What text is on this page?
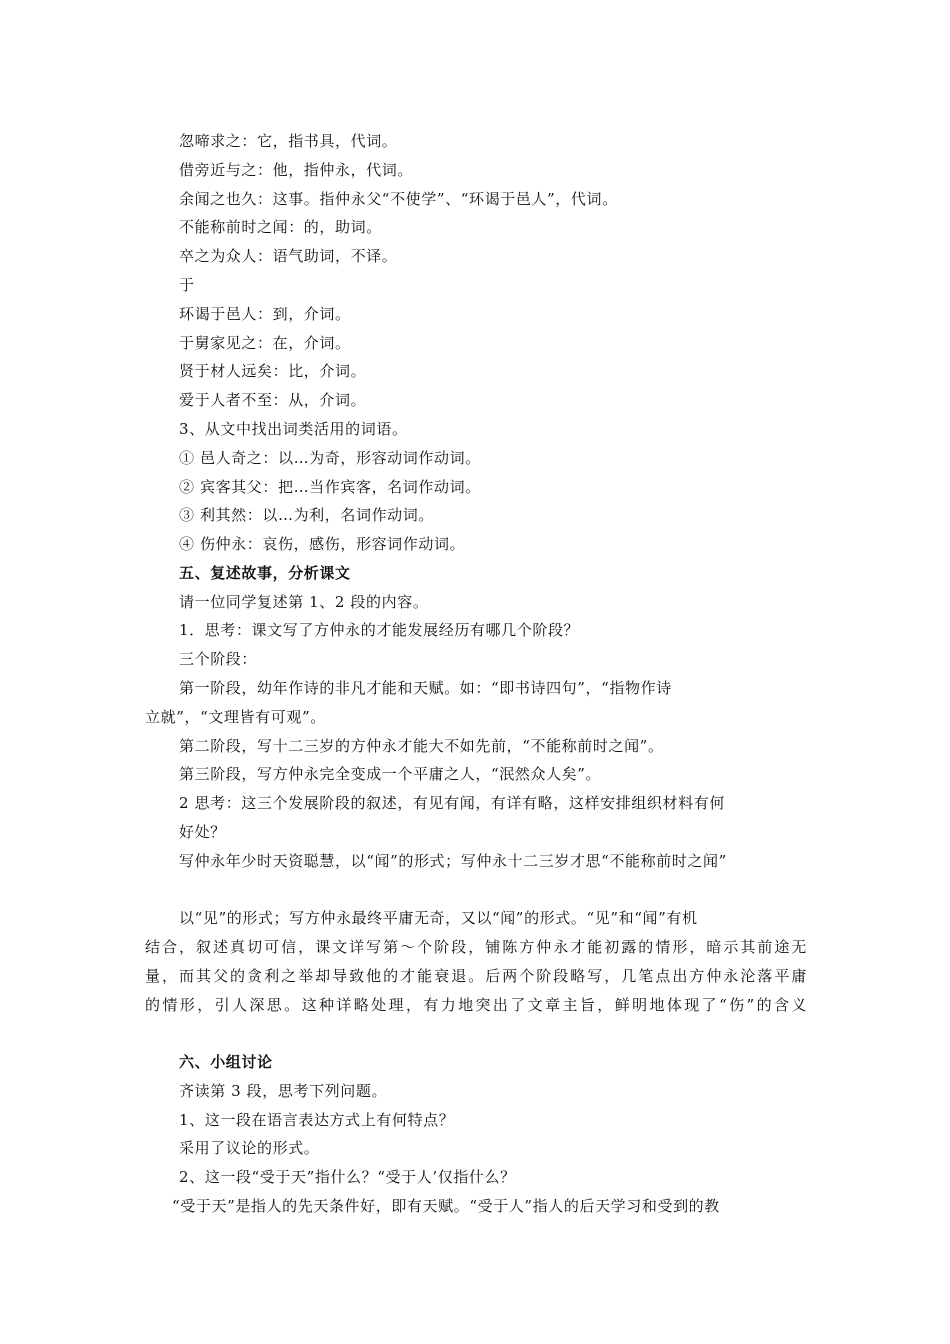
忽啼求之：它，指书具，代词。
借旁近与之：他，指仲永，代词。
余闻之也久：这事。指仲永父“不使学”、“环谒于邑人”，代词。
不能称前时之闻：的，助词。
卒之为众人：语气助词，不译。
于
环谒于邑人：到，介词。
于舅家见之：在，介词。
贤于材人远矣：比，介词。
爱于人者不至：从，介词。
3、从文中找出词类活用的词语。
① 邑人奇之：以…为奇，形容动词作动词。
② 宾客其父：把…当作宾客，名词作动词。
③ 利其然：以…为利，名词作动词。
④ 伤仲永：哀伤，感伤，形容词作动词。
五、复述故事，分析课文
请一位同学复述第 1、2 段的内容。
1．思考：课文写了方仲永的才能发展经历有哪几个阶段？
三个阶段：
第一阶段，幼年作诗的非凡才能和天赋。如：“即书诗四句”，“指物作诗
立就”，“文理皆有可观”。
第二阶段，写十二三岁的方仲永才能大不如先前，“不能称前时之闻”。
第三阶段，写方仲永完全变成一个平庸之人，“泯然众人矣”。
2 思考：这三个发展阶段的叙述，有见有闻，有详有略，这样安排组织材料有何
好处？
写仲永年少时天资聪慧，以“闻”的形式；写仲永十二三岁才思“不能称前时之闻”
以“见”的形式；写方仲永最终平庸无奇，又以“闻”的形式。“见”和“闻”有机
结合，叙述真切可信，课文详写第～个阶段，铺陈方仲永才能初露的情形，暗示其前途无
量，而其父的贪利之举却导致他的才能衰退。后两个阶段略写，几笔点出方仲永沦落平庸
的情形，引人深思。这种详略处理，有力地突出了文章主旨，鲜明地体现了“伤”的含义
六、小组讨论
齐读第 3 段，思考下列问题。
1、这一段在语言表达方式上有何特点？
采用了议论的形式。
2、这一段“受于天”指什么？“受于人’仅指什么？
“受于天”是指人的先天条件好，即有天赋。“受于人”指人的后天学习和受到的教
